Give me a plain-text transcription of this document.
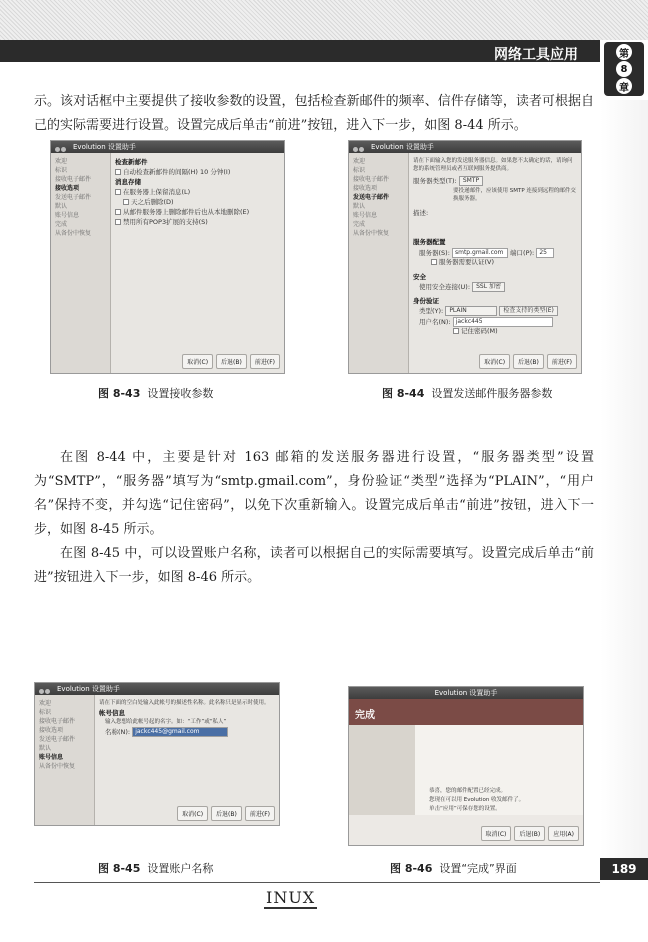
网络工具应用	第
8
章

示。该对话框中主要提供了接收参数的设置，包括检查新邮件的频率、信件存储等，读者可根据自己的实际需要进行设置。设置完成后单击“前进”按钮，进入下一步，如图 8-44 所示。

Evolution 设置助手
欢迎
标识
接收电子邮件
接收选项
发送电子邮件
默认
账号信息
完成
从备份中恢复
检查新邮件
自动检查新邮件的间隔(H) 10 分钟(I)
消息存储
在服务器上保留消息(L)
天之后删除(D)
从邮件服务器上删除邮件后也从本地删除(E)
禁用所有POP3扩展的支持(S)
取消(C)	后退(B)	前进(F)
Evolution 设置助手
欢迎
标识
接收电子邮件
接收选项
发送电子邮件
默认
账号信息
完成
从备份中恢复
请在下面输入您的发送服务器信息。如果您不太确定的话，请询问您的系统管理员或者互联网服务提供商。
服务器类型(T): SMTP
要投递邮件，应该使用 SMTP 连接到远程的邮件交换服务器。
描述:
服务器配置
服务器(S): smtp.gmail.com 端口(P): 25
服务器需要认证(V)
安全
使用安全连接(U): SSL 加密
身份验证
类型(Y): PLAIN	检查支持的类型(E)
用户名(N): jackc445
记住密码(M)
取消(C)	后退(B)	前进(F)
图 8-43 设置接收参数	图 8-44 设置发送邮件服务器参数

在图 8-44 中，主要是针对 163 邮箱的发送服务器进行设置，“服务器类型”设置为“SMTP”，“服务器”填写为“smtp.gmail.com”，身份验证“类型”选择为“PLAIN”，“用户名”保持不变，并勾选“记住密码”，以免下次重新输入。设置完成后单击“前进”按钮，进入下一步，如图 8-45 所示。

在图 8-45 中，可以设置账户名称，读者可以根据自己的实际需要填写。设置完成后单击“前进”按钮进入下一步，如图 8-46 所示。

Evolution 设置助手
欢迎
标识
接收电子邮件
接收选项
发送电子邮件
默认
账号信息
从备份中恢复
请在下面的空白处输入此帐号的描述性名称。此名称只是显示时使用。
帐号信息
输入您想给此帐号起的名字。如：“工作”或“私人”
名称(N): jackc445@gmail.com
取消(C)	后退(B)	前进(F)
Evolution 设置助手
完成
恭喜，您的邮件配置已经完成。
您现在可以用 Evolution 收发邮件了。
单击“应用”可保存您的设置。
取消(C)	后退(B)	应用(A)
图 8-45 设置账户名称	图 8-46 设置“完成”界面
INUX
189
